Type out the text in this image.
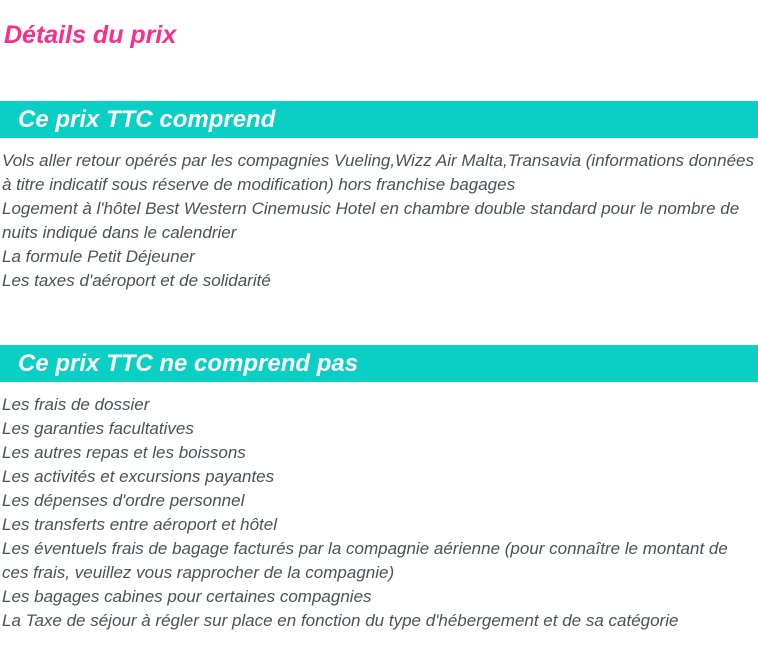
Détails du prix
Ce prix TTC comprend

Vols aller retour opérés par les compagnies Vueling,Wizz Air Malta,Transavia (informations données à titre indicatif sous réserve de modification) hors franchise bagages

Logement à l'hôtel Best Western Cinemusic Hotel en chambre double standard pour le nombre de nuits indiqué dans le calendrier

La formule Petit Déjeuner

Les taxes d'aéroport et de solidarité

Ce prix TTC ne comprend pas

Les frais de dossier

Les garanties facultatives

Les autres repas et les boissons

Les activités et excursions payantes

Les dépenses d'ordre personnel

Les transferts entre aéroport et hôtel

Les éventuels frais de bagage facturés par la compagnie aérienne (pour connaître le montant de ces frais, veuillez vous rapprocher de la compagnie)

Les bagages cabines pour certaines compagnies

La Taxe de séjour à régler sur place en fonction du type d'hébergement et de sa catégorie
